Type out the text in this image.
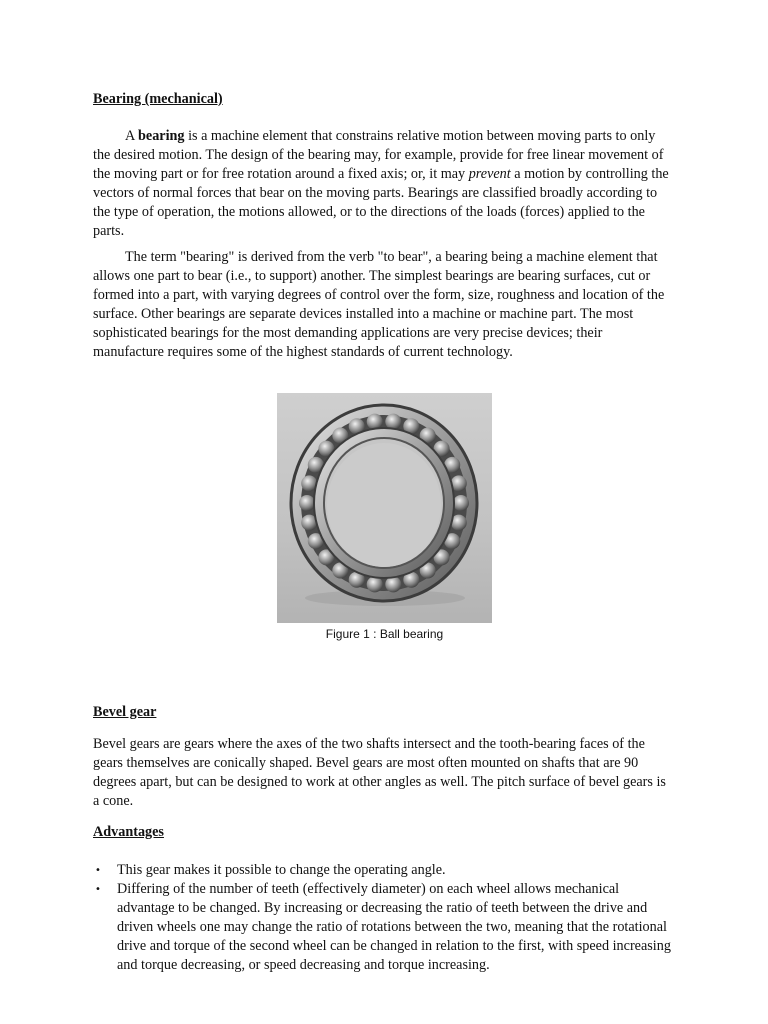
Bearing (mechanical)

A bearing is a machine element that constrains relative motion between moving parts to only the desired motion. The design of the bearing may, for example, provide for free linear movement of the moving part or for free rotation around a fixed axis; or, it may prevent a motion by controlling the vectors of normal forces that bear on the moving parts. Bearings are classified broadly according to the type of operation, the motions allowed, or to the directions of the loads (forces) applied to the parts.

The term "bearing" is derived from the verb "to bear", a bearing being a machine element that allows one part to bear (i.e., to support) another. The simplest bearings are bearing surfaces, cut or formed into a part, with varying degrees of control over the form, size, roughness and location of the surface. Other bearings are separate devices installed into a machine or machine part. The most sophisticated bearings for the most demanding applications are very precise devices; their manufacture requires some of the highest standards of current technology.

Figure 1 : Ball bearing

Bevel gear

Bevel gears are gears where the axes of the two shafts intersect and the tooth-bearing faces of the gears themselves are conically shaped. Bevel gears are most often mounted on shafts that are 90 degrees apart, but can be designed to work at other angles as well. The pitch surface of bevel gears is a cone.

Advantages

• This gear makes it possible to change the operating angle.
• Differing of the number of teeth (effectively diameter) on each wheel allows mechanical advantage to be changed. By increasing or decreasing the ratio of teeth between the drive and driven wheels one may change the ratio of rotations between the two, meaning that the rotational drive and torque of the second wheel can be changed in relation to the first, with speed increasing and torque decreasing, or speed decreasing and torque increasing.
